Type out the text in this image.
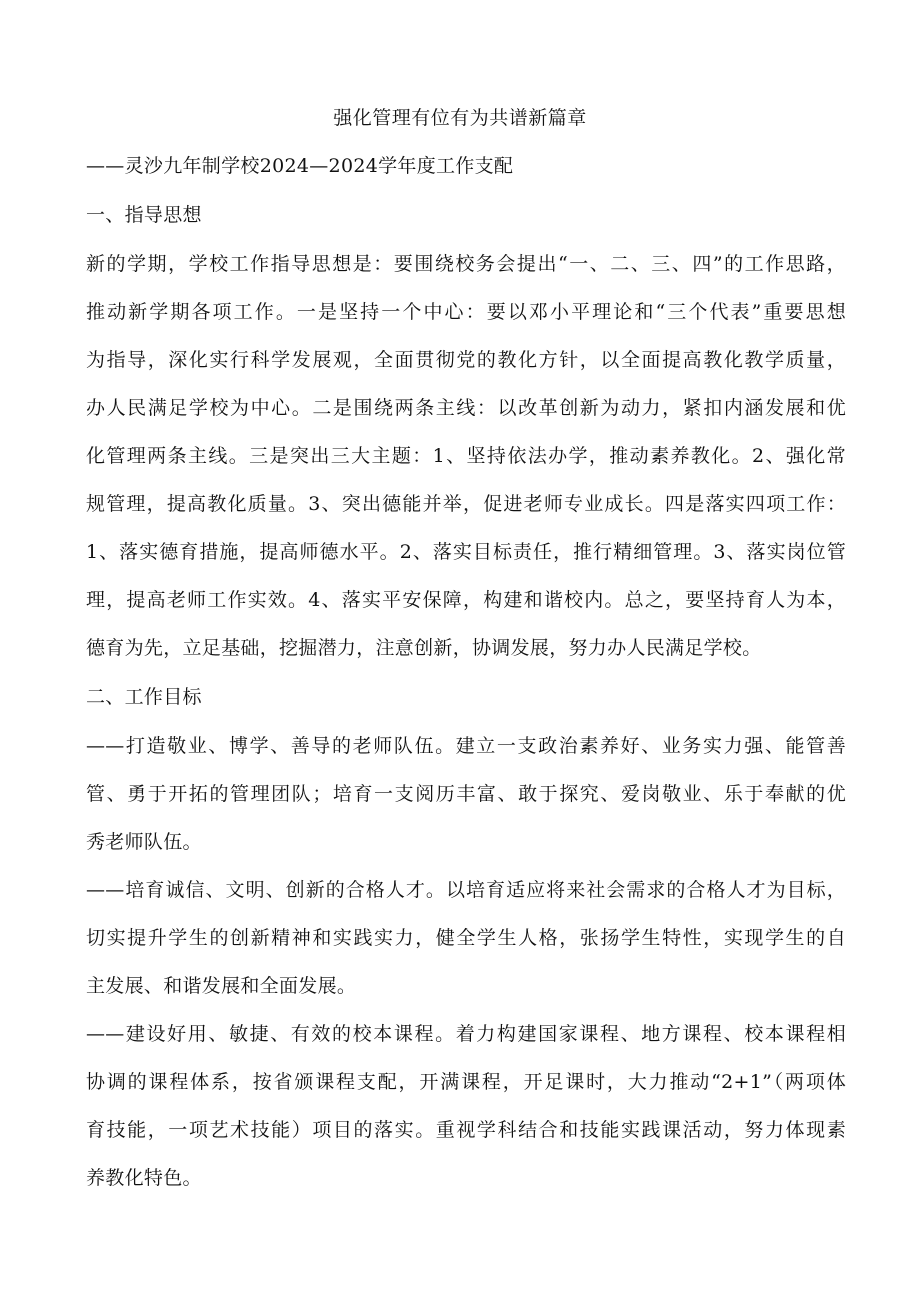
强化管理有位有为共谱新篇章
——灵沙九年制学校2024—2024学年度工作支配
一、指导思想
新的学期，学校工作指导思想是：要围绕校务会提出“一、二、三、四”的工作思路，
推动新学期各项工作。一是坚持一个中心：要以邓小平理论和“三个代表”重要思想
为指导，深化实行科学发展观，全面贯彻党的教化方针，以全面提高教化教学质量，
办人民满足学校为中心。二是围绕两条主线：以改革创新为动力，紧扣内涵发展和优
化管理两条主线。三是突出三大主题：1、坚持依法办学，推动素养教化。2、强化常
规管理，提高教化质量。3、突出德能并举，促进老师专业成长。四是落实四项工作：
1、落实德育措施，提高师德水平。2、落实目标责任，推行精细管理。3、落实岗位管
理，提高老师工作实效。4、落实平安保障，构建和谐校内。总之，要坚持育人为本，
德育为先，立足基础，挖掘潜力，注意创新，协调发展，努力办人民满足学校。
二、工作目标
——打造敬业、博学、善导的老师队伍。建立一支政治素养好、业务实力强、能管善
管、勇于开拓的管理团队；培育一支阅历丰富、敢于探究、爱岗敬业、乐于奉献的优
秀老师队伍。
——培育诚信、文明、创新的合格人才。以培育适应将来社会需求的合格人才为目标，
切实提升学生的创新精神和实践实力，健全学生人格，张扬学生特性，实现学生的自
主发展、和谐发展和全面发展。
——建设好用、敏捷、有效的校本课程。着力构建国家课程、地方课程、校本课程相
协调的课程体系，按省颁课程支配，开满课程，开足课时，大力推动“2+1”（两项体
育技能，一项艺术技能）项目的落实。重视学科结合和技能实践课活动，努力体现素
养教化特色。
